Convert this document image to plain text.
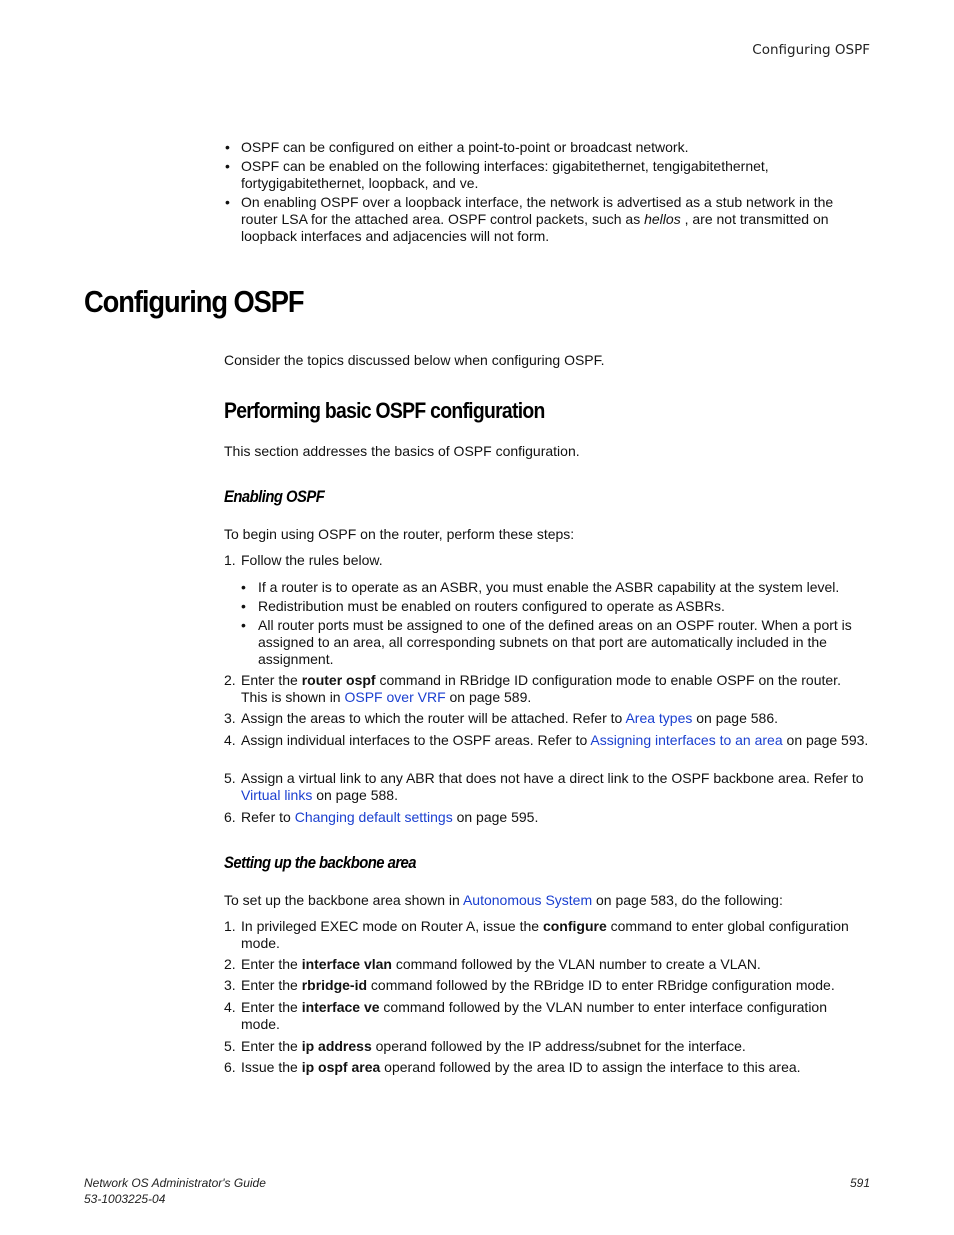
Configuring OSPF
• OSPF can be configured on either a point-to-point or broadcast network.
• OSPF can be enabled on the following interfaces: gigabitethernet, tengigabitethernet, fortygigabitethernet, loopback, and ve.
• On enabling OSPF over a loopback interface, the network is advertised as a stub network in the router LSA for the attached area. OSPF control packets, such as hellos , are not transmitted on loopback interfaces and adjacencies will not form.
Configuring OSPF
Consider the topics discussed below when configuring OSPF.
Performing basic OSPF configuration
This section addresses the basics of OSPF configuration.
Enabling OSPF
To begin using OSPF on the router, perform these steps:
1. Follow the rules below.
• If a router is to operate as an ASBR, you must enable the ASBR capability at the system level.
• Redistribution must be enabled on routers configured to operate as ASBRs.
• All router ports must be assigned to one of the defined areas on an OSPF router. When a port is assigned to an area, all corresponding subnets on that port are automatically included in the assignment.
2. Enter the router ospf command in RBridge ID configuration mode to enable OSPF on the router. This is shown in OSPF over VRF on page 589.
3. Assign the areas to which the router will be attached. Refer to Area types on page 586.
4. Assign individual interfaces to the OSPF areas. Refer to Assigning interfaces to an area on page 593.
5. Assign a virtual link to any ABR that does not have a direct link to the OSPF backbone area. Refer to Virtual links on page 588.
6. Refer to Changing default settings on page 595.
Setting up the backbone area
To set up the backbone area shown in Autonomous System on page 583, do the following:
1. In privileged EXEC mode on Router A, issue the configure command to enter global configuration mode.
2. Enter the interface vlan command followed by the VLAN number to create a VLAN.
3. Enter the rbridge-id command followed by the RBridge ID to enter RBridge configuration mode.
4. Enter the interface ve command followed by the VLAN number to enter interface configuration mode.
5. Enter the ip address operand followed by the IP address/subnet for the interface.
6. Issue the ip ospf area operand followed by the area ID to assign the interface to this area.
Network OS Administrator's Guide
53-1003225-04
591
